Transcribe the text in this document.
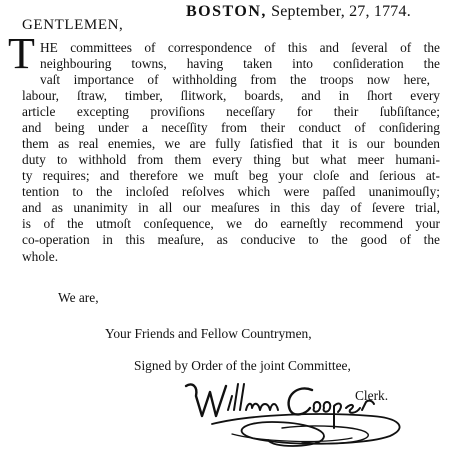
BOSTON, September, 27, 1774.
GENTLEMEN,
T HE committees of correspondence of this and ſeveral of the
neighbouring towns, having taken into conſideration the
vaſt importance of withholding from the troops now here,
labour, ſtraw, timber, ſlitwork, boards, and in ſhort every
article excepting proviſions neceſſary for their ſubſiſtance;
and being under a neceſſity from their conduct of conſidering
them as real enemies, we are fully ſatisfied that it is our bounden
duty to withhold from them every thing but what meer humani-
ty requires; and therefore we muſt beg your cloſe and ſerious at-
tention to the incloſed reſolves which were paſſed unanimouſly;
and as unanimity in all our meaſures in this day of ſevere trial,
is of the utmoſt conſequence, we do earneſtly recommend your
co-operation in this meaſure, as conducive to the good of the
whole.
We are,
Your Friends and Fellow Countrymen,
Signed by Order of the joint Committee,
Clerk.
